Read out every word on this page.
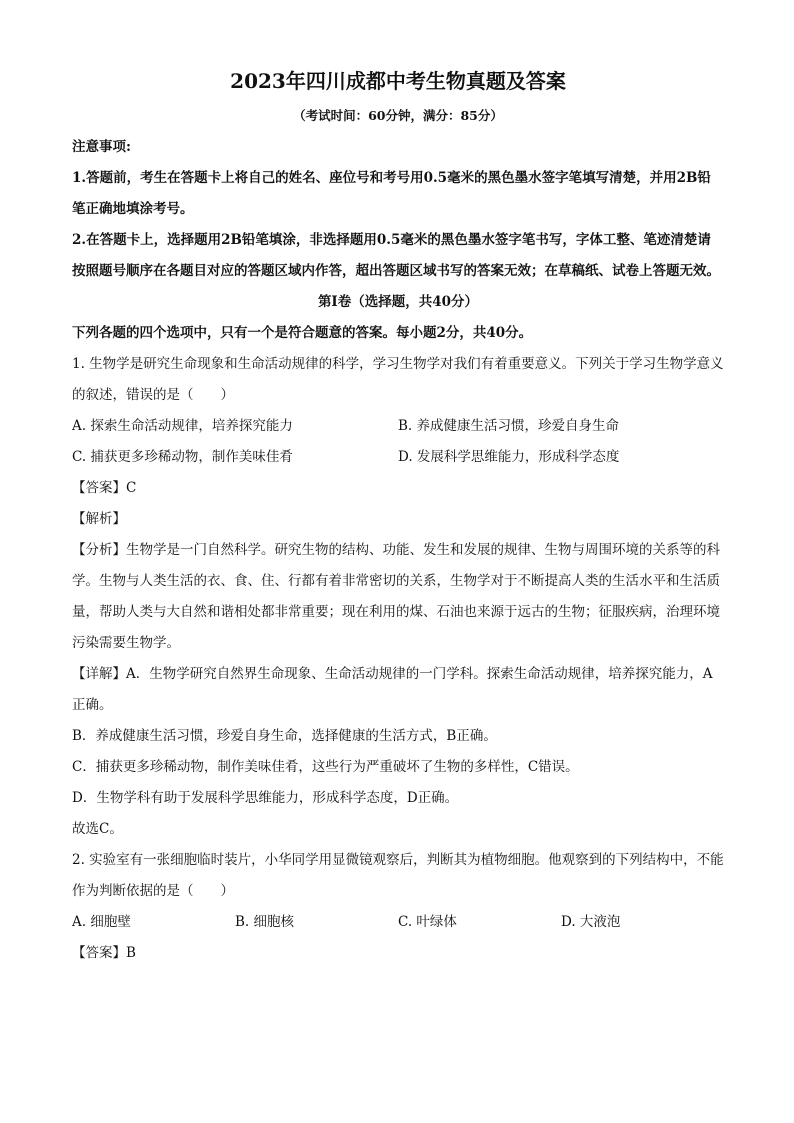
2023年四川成都中考生物真题及答案
（考试时间：60分钟，满分：85分）

注意事项:

1.答题前，考生在答题卡上将自己的姓名、座位号和考号用0.5毫米的黑色墨水签字笔填写清楚，并用2B铅笔正确地填涂考号。

2.在答题卡上，选择题用2B铅笔填涂，非选择题用0.5毫米的黑色墨水签字笔书写，字体工整、笔迹清楚请按照题号顺序在各题目对应的答题区域内作答，超出答题区域书写的答案无效；在草稿纸、试卷上答题无效。

第I卷（选择题，共40分）

下列各题的四个选项中，只有一个是符合题意的答案。每小题2分，共40分。

1. 生物学是研究生命现象和生命活动规律的科学，学习生物学对我们有着重要意义。下列关于学习生物学意义的叙述，错误的是（　　）

A. 探索生命活动规律，培养探究能力	B. 养成健康生活习惯，珍爱自身生命
C. 捕获更多珍稀动物，制作美味佳肴	D. 发展科学思维能力，形成科学态度

【答案】C

【解析】

【分析】生物学是一门自然科学。研究生物的结构、功能、发生和发展的规律、生物与周围环境的关系等的科学。生物与人类生活的衣、食、住、行都有着非常密切的关系，生物学对于不断提高人类的生活水平和生活质量，帮助人类与大自然和谐相处都非常重要；现在利用的煤、石油也来源于远古的生物；征服疾病，治理环境污染需要生物学。

【详解】A．生物学研究自然界生命现象、生命活动规律的一门学科。探索生命活动规律，培养探究能力，A正确。

B．养成健康生活习惯，珍爱自身生命，选择健康的生活方式，B正确。

C．捕获更多珍稀动物，制作美味佳肴，这些行为严重破坏了生物的多样性，C错误。

D．生物学科有助于发展科学思维能力，形成科学态度，D正确。

故选C。

2. 实验室有一张细胞临时装片，小华同学用显微镜观察后，判断其为植物细胞。他观察到的下列结构中，不能作为判断依据的是（　　）

A. 细胞壁	B. 细胞核	C. 叶绿体	D. 大液泡

【答案】B
